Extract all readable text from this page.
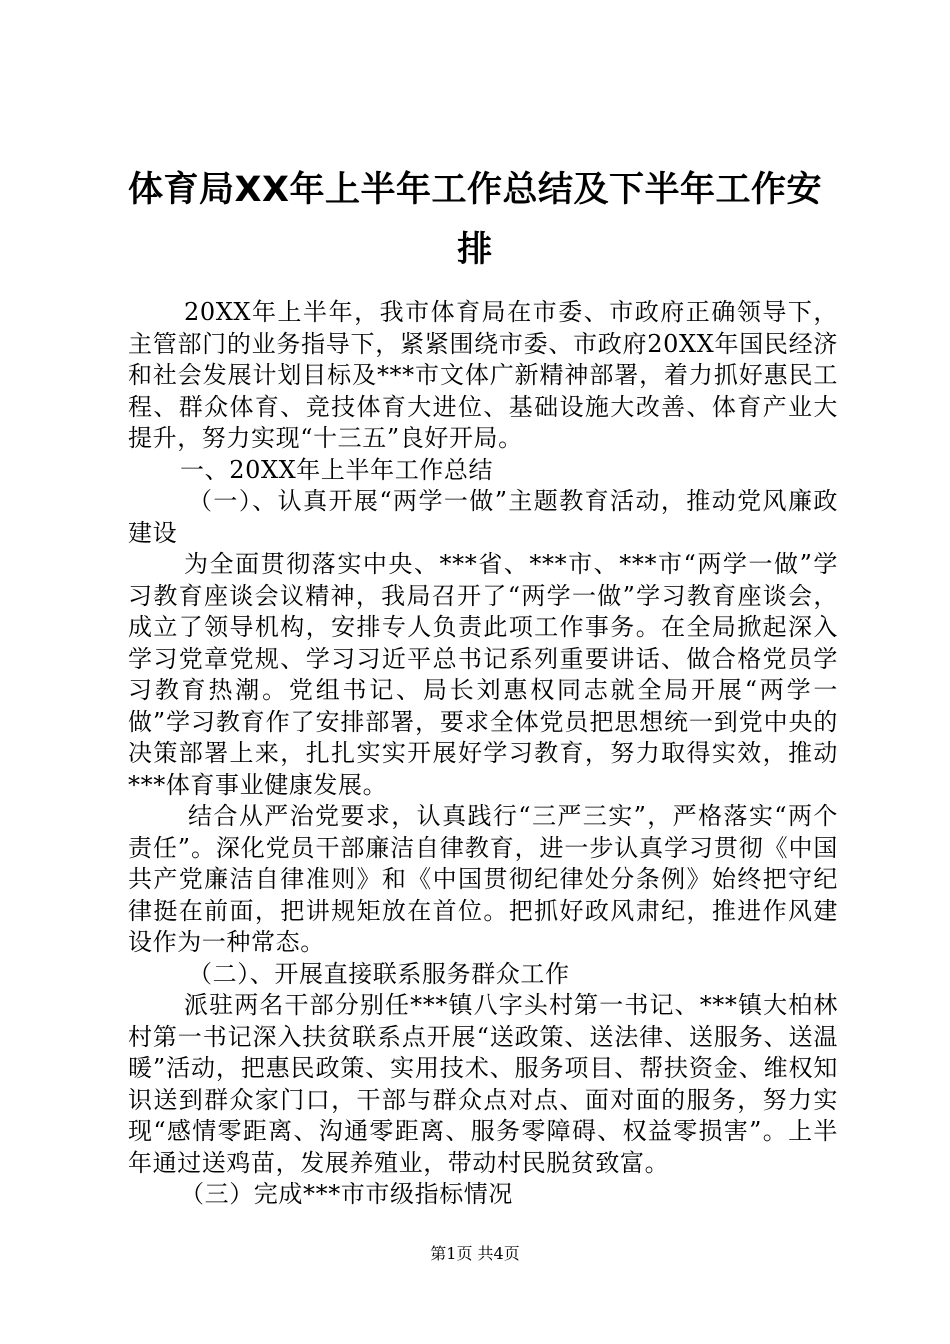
体育局XX年上半年工作总结及下半年工作安排

20XX年上半年，我市体育局在市委、市政府正确领导下，主管部门的业务指导下，紧紧围绕市委、市政府20XX年国民经济和社会发展计划目标及***市文体广新精神部署，着力抓好惠民工程、群众体育、竞技体育大进位、基础设施大改善、体育产业大提升，努力实现“十三五”良好开局。

一、20XX年上半年工作总结

（一）、认真开展“两学一做”主题教育活动，推动党风廉政建设

为全面贯彻落实中央、***省、***市、***市“两学一做”学习教育座谈会议精神，我局召开了“两学一做”学习教育座谈会，成立了领导机构，安排专人负责此项工作事务。在全局掀起深入学习党章党规、学习习近平总书记系列重要讲话、做合格党员学习教育热潮。党组书记、局长刘惠权同志就全局开展“两学一做”学习教育作了安排部署，要求全体党员把思想统一到党中央的决策部署上来，扎扎实实开展好学习教育，努力取得实效，推动***体育事业健康发展。

结合从严治党要求，认真践行“三严三实”，严格落实“两个责任”。深化党员干部廉洁自律教育，进一步认真学习贯彻《中国共产党廉洁自律准则》和《中国贯彻纪律处分条例》始终把守纪律挺在前面，把讲规矩放在首位。把抓好政风肃纪，推进作风建设作为一种常态。

（二）、开展直接联系服务群众工作

派驻两名干部分别任***镇八字头村第一书记、***镇大柏林村第一书记深入扶贫联系点开展“送政策、送法律、送服务、送温暖”活动，把惠民政策、实用技术、服务项目、帮扶资金、维权知识送到群众家门口，干部与群众点对点、面对面的服务，努力实现“感情零距离、沟通零距离、服务零障碍、权益零损害”。上半年通过送鸡苗，发展养殖业，带动村民脱贫致富。

（三）完成***市市级指标情况

第1页 共4页
